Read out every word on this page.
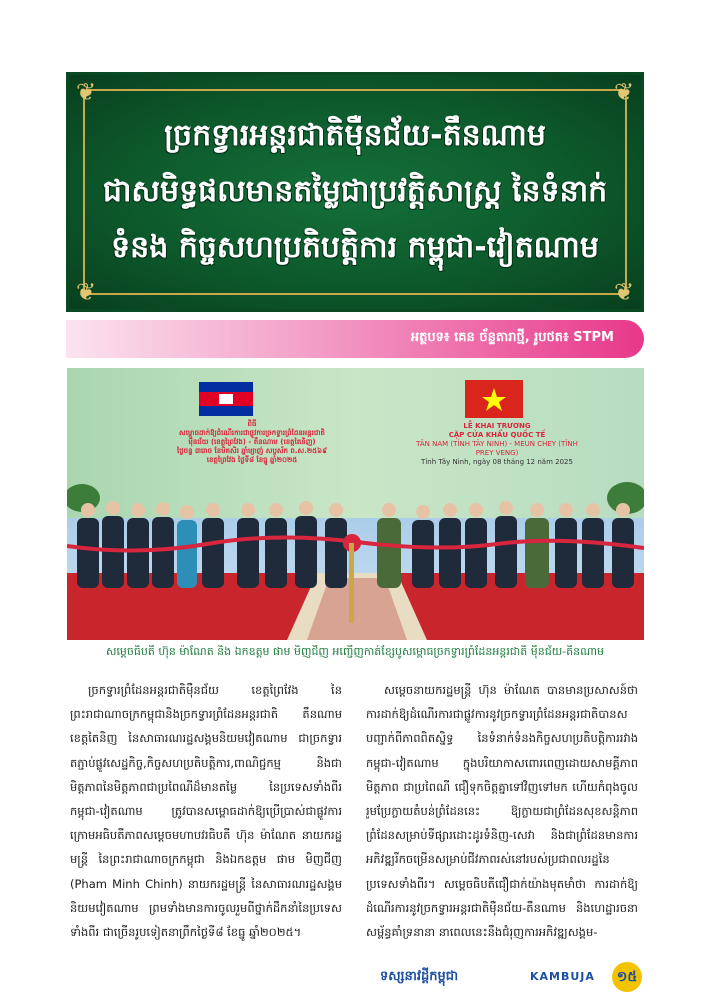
❦	❦
❦	❦
ច្រកទ្វារអន្តរជាតិម៉ឺនជ័យ-តឹនណាម
ជាសមិទ្ធផលមានតម្លៃជាប្រវត្តិសាស្ត្រ នៃទំនាក់
ទំនង កិច្ចសហប្រតិបត្តិការ កម្ពុជា-វៀតណាម
អត្ថបទ៖ គេន ច័ន្ទតារាថ្មី, រូបថត៖ STPM
ពិធី
សម្ពោធដាក់ឱ្យដំណើរការជាផ្លូវការច្រកទ្វារព្រំដែនអន្តរជាតិ
ម៉ឺនជ័យ (ខេត្តព្រៃវែង) - តឹនណាម (ខេត្តតៃនិញ)
ថ្ងៃចន្ទ ៣រោច ខែមិគសិរ ឆ្នាំម្សាញ់ សប្តស័ក ព.ស.២៥៦៩
ខេត្តព្រៃវែង ថ្ងៃទី៨ ខែធ្នូ ឆ្នាំ២០២៥
LỄ KHAI TRƯƠNG
CẶP CỬA KHẨU QUỐC TẾ
TÂN NAM (TỈNH TÂY NINH) - MEUN CHEY (TỈNH PREY VENG)
Tỉnh Tây Ninh, ngày 08 tháng 12 năm 2025
សម្តេចធិបតី ហ៊ុន ម៉ាណែត និង ឯកឧត្តម ផាម មិញជីញ អញ្ជើញកាត់ខ្សែបូសម្ពោធច្រកទ្វារព្រំដែនអន្តរជាតិ ម៉ឺនជ័យ-តឹនណាម

ច្រកទ្វារព្រំដែនអន្តរជាតិម៉ឺនជ័យ ខេត្តព្រៃវែង នៃព្រះរាជាណាចក្រកម្ពុជានិងច្រកទ្វារព្រំដែនអន្តរជាតិ តឹនណាម ខេត្តតៃនិញ នៃសាធារណរដ្ឋសង្គមនិយមវៀតណាម ជាច្រកទ្វារតភ្ជាប់ផ្លូវសេដ្ឋកិច្ច,កិច្ចសហប្រតិបត្តិការ,ពាណិជ្ជកម្ម និងជាមិត្តភាពនៃមិត្តភាពជាប្រពៃណីដ៏មានតម្លៃ នៃប្រទេសទាំងពីរកម្ពុជា-វៀតណាម ត្រូវបានសម្ពោធដាក់ឱ្យប្រើប្រាស់ជាផ្លូវការក្រោមអធិបតីភាពសម្តេចមហាបវរធិបតី ហ៊ុន ម៉ាណែត នាយករដ្ឋមន្ត្រី នៃព្រះរាជាណាចក្រកម្ពុជា និងឯកឧត្តម ផាម មិញជីញ (Pham Minh Chinh) នាយករដ្ឋមន្ត្រី នៃសាធារណរដ្ឋសង្គមនិយមវៀតណាម ព្រមទាំងមានការចូលរួមពីថ្នាក់ដឹកនាំនៃប្រទេសទាំងពីរ ជាច្រើនរូបទៀតនាព្រឹកថ្ងៃទី៨ ខែធ្នូ ឆ្នាំ២០២៥។

សម្តេចនាយករដ្ឋមន្ត្រី ហ៊ុន ម៉ាណែត បានមានប្រសាសន៍ថា ការដាក់ឱ្យដំណើរការជាផ្លូវការនូវច្រកទ្វារព្រំដែនអន្តរជាតិបានសបញ្ជាក់ពីភាពពិតស្និទ្ធ នៃទំនាក់ទំនងកិច្ចសហប្រតិបត្តិការរវាងកម្ពុជា-វៀតណាម ក្នុងបរិយាកាសពោរពេញដោយសាមគ្គីភាព មិត្តភាព ជាប្រពៃណី ជឿទុកចិត្តគ្នាទៅវិញទៅមក ហើយកំពុងចូលរួមប្រែក្លាយតំបន់ព្រំដែននេះ ឱ្យក្លាយជាព្រំដែនសុខសន្តិភាព ព្រំដែនសម្រាប់ទីផ្សារដោះដូរទំនិញ-សេវា និងជាព្រំដែនមានការអភិវឌ្ឍរីកចម្រើនសម្រាប់ជីវភាពរស់នៅរបស់ប្រជាពលរដ្ឋនៃប្រទេសទាំងពីរ។ សម្តេចធិបតីជឿជាក់យ៉ាងមុតមាំថា ការដាក់ឱ្យដំណើរការនូវច្រកទ្វារអន្តរជាតិម៉ឺនជ័យ-តឹនណាម និងហេដ្ឋារចនាសម្ព័ន្ធគាំទ្រនានា នាពេលនេះនឹងជំរុញការអភិវឌ្ឍសង្គម-

ទស្សនាវដ្តីកម្ពុជា	KAMBUJA	១៥
